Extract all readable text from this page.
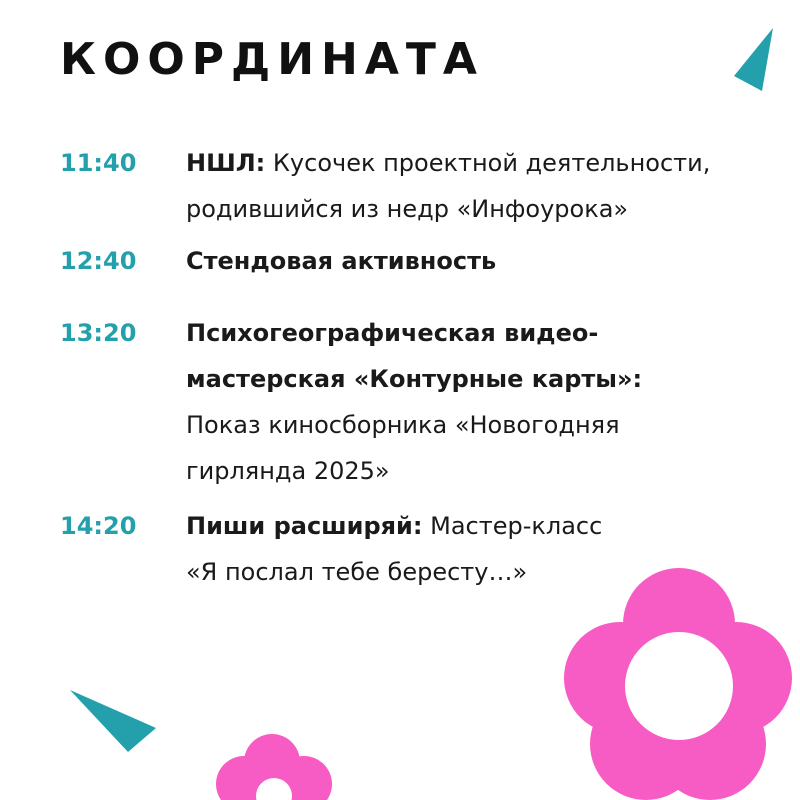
КООРДИНАТА
11:40 НШЛ: Кусочек проектной деятельности, родившийся из недр «Инфоурока»
12:40 Стендовая активность
13:20 Психогеографическая видео-мастерская «Контурные карты»: Показ киносборника «Новогодняя гирлянда 2025»
14:20 Пиши расширяй: Мастер-класс «Я послал тебе бересту…»
